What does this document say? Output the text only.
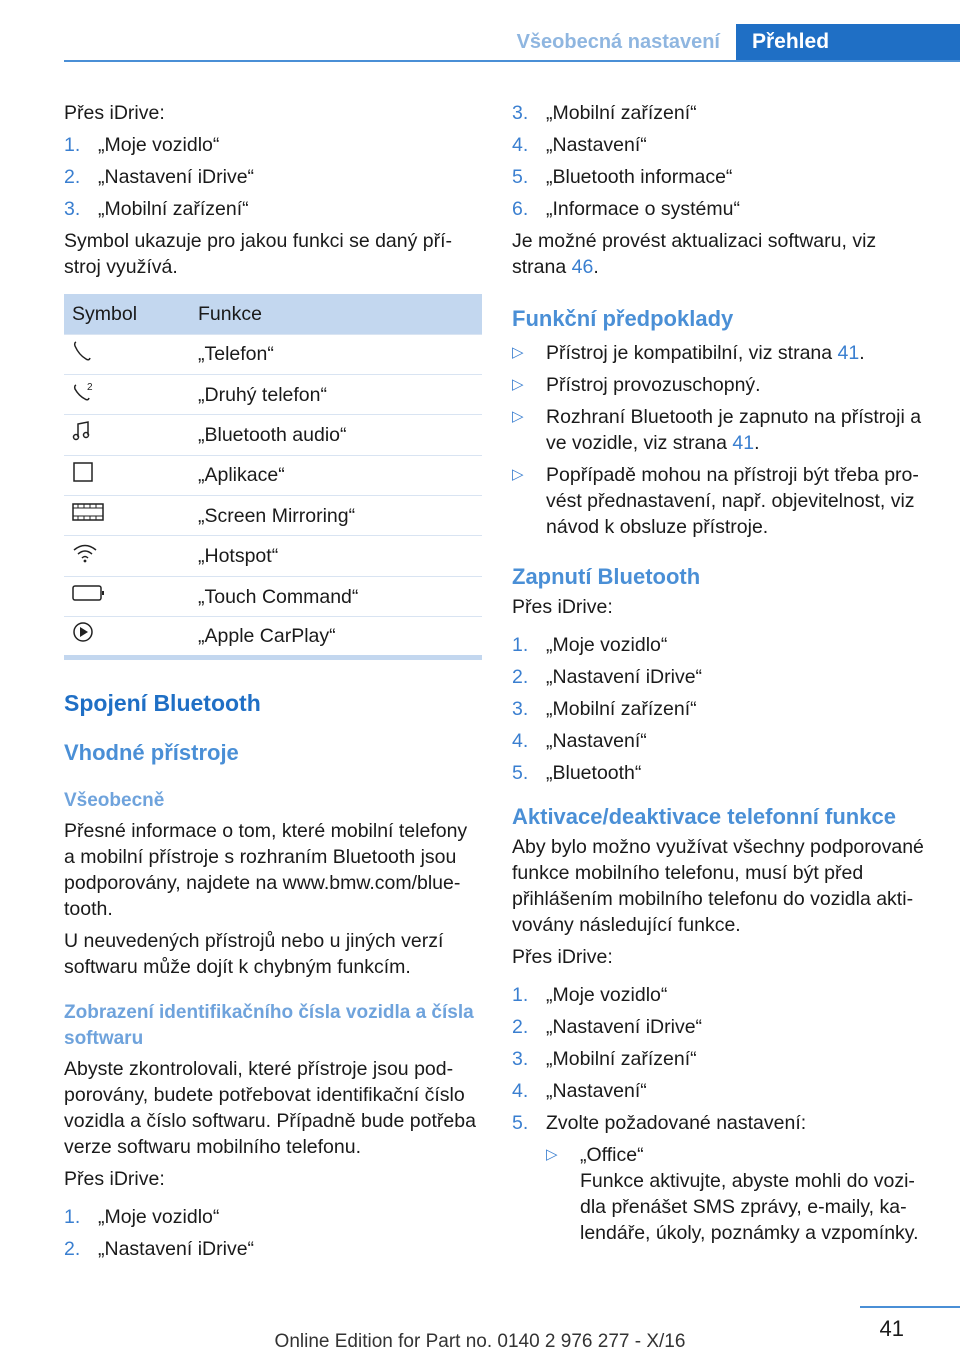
Všeobecná nastavení	Přehled

Přes iDrive:

1. „Moje vozidlo“
2. „Nastavení iDrive“
3. „Mobilní zařízení“

Symbol ukazuje pro jakou funkci se daný přístroj využívá.

Symbol	Funkce
	„Telefon“

2	„Druhý telefon“
	„Bluetooth audio“
	„Aplikace“
	„Screen Mirroring“
	„Hotspot“
	„Touch Command“
	„Apple CarPlay“
Spojení Bluetooth
Vhodné přístroje
Všeobecně

Přesné informace o tom, které mobilní telefony a mobilní přístroje s rozhraním Bluetooth jsou podporovány, najdete na www.bmw.com/bluetooth.

U neuvedených přístrojů nebo u jiných verzí softwaru může dojít k chybným funkcím.

Zobrazení identifikačního čísla vozidla a čísla softwaru

Abyste zkontrolovali, které přístroje jsou podporovány, budete potřebovat identifikační číslo vozidla a číslo softwaru. Případně bude potřeba verze softwaru mobilního telefonu.

Přes iDrive:

1. „Moje vozidlo“
2. „Nastavení iDrive“
3. „Mobilní zařízení“
4. „Nastavení“
5. „Bluetooth informace“
6. „Informace o systému“

Je možné provést aktualizaci softwaru, viz strana 46.

Funkční předpoklady
▷ Přístroj je kompatibilní, viz strana 41.
▷ Přístroj provozuschopný.
▷ Rozhraní Bluetooth je zapnuto na přístroji a ve vozidle, viz strana 41.
▷ Popřípadě mohou na přístroji být třeba provést přednastavení, např. objevitelnost, viz návod k obsluze přístroje.
Zapnutí Bluetooth

Přes iDrive:

1. „Moje vozidlo“
2. „Nastavení iDrive“
3. „Mobilní zařízení“
4. „Nastavení“
5. „Bluetooth“
Aktivace/deaktivace telefonní funkce

Aby bylo možno využívat všechny podporované funkce mobilního telefonu, musí být před přihlášením mobilního telefonu do vozidla aktivovány následující funkce.

Přes iDrive:

1. „Moje vozidlo“
2. „Nastavení iDrive“
3. „Mobilní zařízení“
4. „Nastavení“
5. Zvolte požadované nastavení:
▷ „Office“
Funkce aktivujte, abyste mohli do vozidla přenášet SMS zprávy, e-maily, kalendáře, úkoly, poznámky a vzpomínky.
41
Online Edition for Part no. 0140 2 976 277 - X/16
